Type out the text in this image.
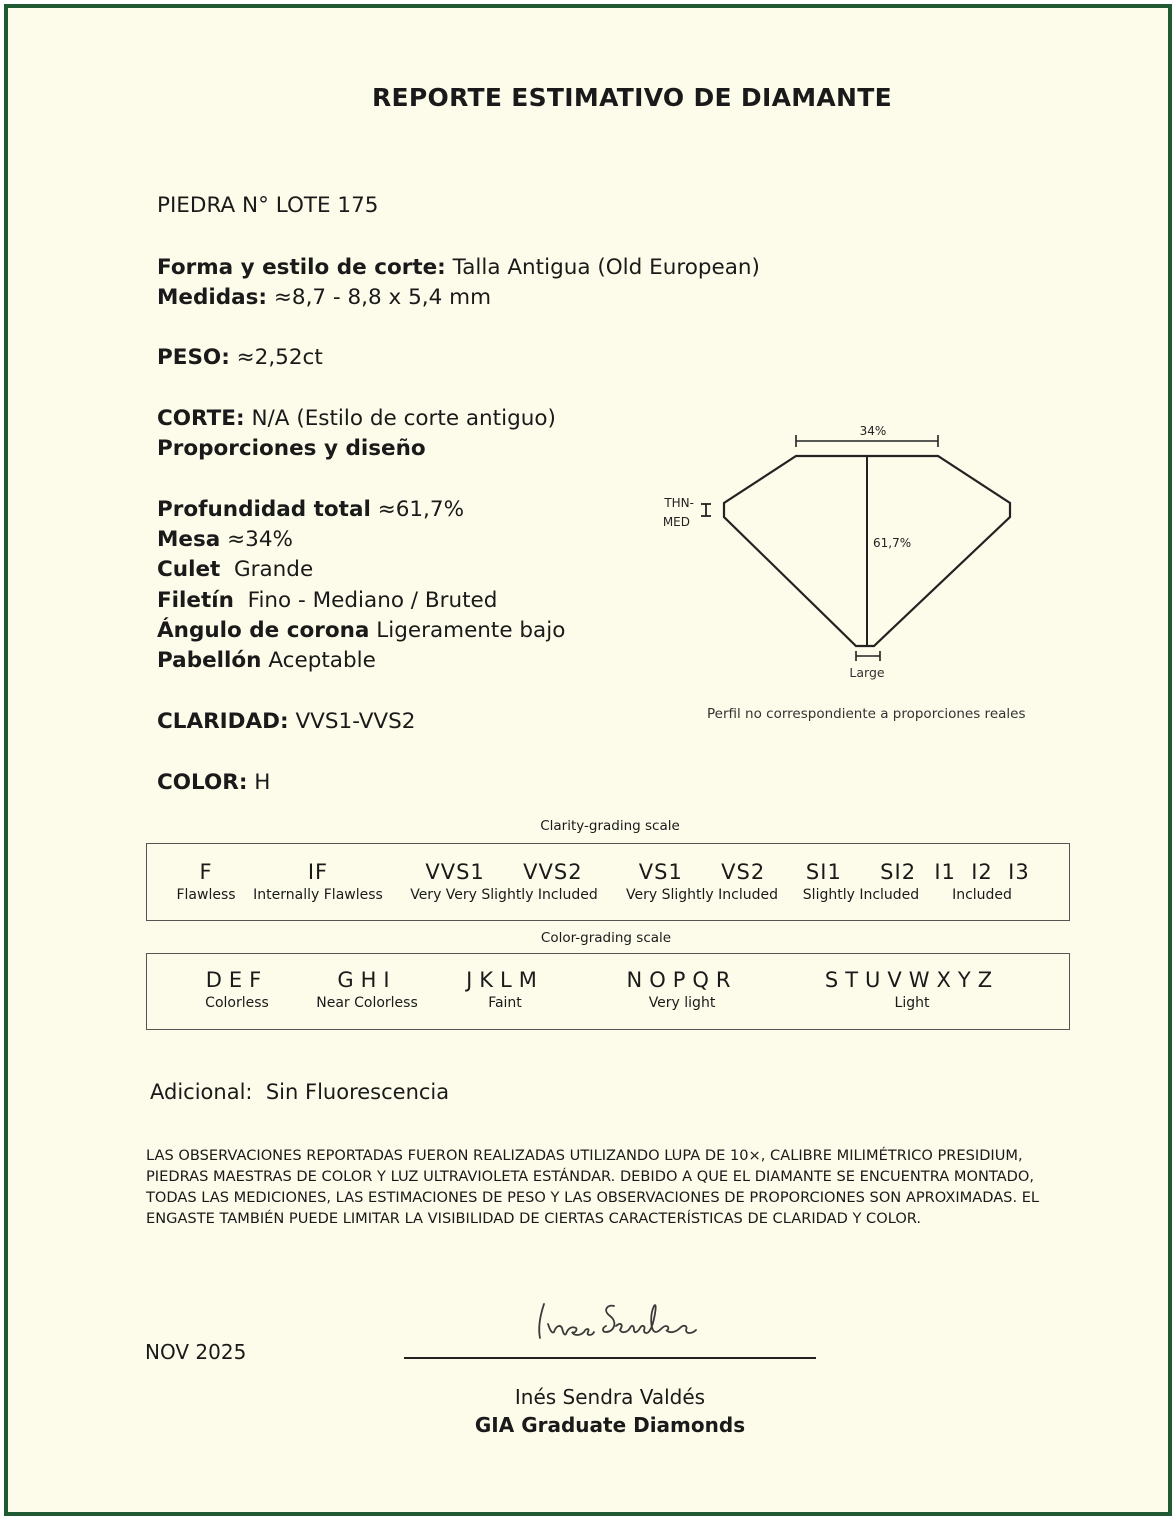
REPORTE ESTIMATIVO DE DIAMANTE
PIEDRA N° LOTE 175
Forma y estilo de corte: Talla Antigua (Old European)
Medidas: ≈8,7 - 8,8 x 5,4 mm
PESO: ≈2,52ct
CORTE: N/A (Estilo de corte antiguo)
Proporciones y diseño
Profundidad total ≈61,7%
Mesa ≈34%
Culet Grande
Filetín Fino - Mediano / Bruted
Ángulo de corona Ligeramente bajo
Pabellón Aceptable
CLARIDAD: VVS1-VVS2
COLOR: H
34%
61,7%
THN-
MED
Large
Perfil no correspondiente a proporciones reales
Clarity-grading scale
F
Flawless
IF
Internally Flawless
VVS1     VVS2
Very Very Slightly Included
VS1     VS2
Very Slightly Included
SI1     SI2
Slightly Included
I1  I2  I3
Included
Color-grading scale
DEF
Colorless
GHI
Near Colorless
JKLM
Faint
NOPQR
Very light
STUVWXYZ
Light
Adicional: Sin Fluorescencia
LAS OBSERVACIONES REPORTADAS FUERON REALIZADAS UTILIZANDO LUPA DE 10×, CALIBRE MILIMÉTRICO PRESIDIUM, PIEDRAS MAESTRAS DE COLOR Y LUZ ULTRAVIOLETA ESTÁNDAR. DEBIDO A QUE EL DIAMANTE SE ENCUENTRA MONTADO, TODAS LAS MEDICIONES, LAS ESTIMACIONES DE PESO Y LAS OBSERVACIONES DE PROPORCIONES SON APROXIMADAS. EL ENGASTE TAMBIÉN PUEDE LIMITAR LA VISIBILIDAD DE CIERTAS CARACTERÍSTICAS DE CLARIDAD Y COLOR.
NOV 2025
Inés Sendra Valdés
GIA Graduate Diamonds
